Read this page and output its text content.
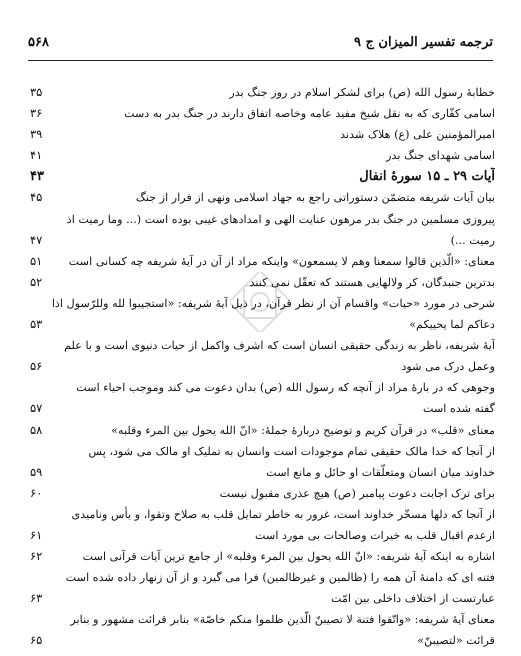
۵۶۸	ترجمه تفسير الميزان ج ۹
خطابهٔ رسول الله (ص) براى لشكر اسلام در روز جنگ بدر
۳۵
اسامى كفّارى كه به نقل شيخ مفيد عامه وخاصه اتفاق دارند در جنگ بدر به دست
۳۶
اميرالمؤمنين على (ع) هلاک شدند
۳۹
اسامى شهداى جنگ بدر
۴۱
آيات ۲۹ ـ ۱۵ سورهٔ انفال
۴۳
بيان آيات شريفه متضمّن دستوراتى راجع به جهاد اسلامى ونهى از فرار از جنگ
۴۵
پيروزى مسلمين در جنگ بدر مرهون عنايت الهى و امدادهاى غيبى بوده است (... وما رميت اذ
رميت ...)
۴۷
معناى: «الّذين قالوا سمعنا وهم لا يسمعون» واينكه مراد از آن در آيهٔ شريفه چه كسانى است
۵۱
بدترين جنبدگان، كر ولالهايى هستند كه تعقّل نمى كنند
۵۲
شرحى در مورد «حيات» واقسام آن از نظر قرآن، در ذيل آيهٔ شريفه: «استجيبوا لله وللرّسول اذا
دعاكم لما يحييكم»
۵۳
آيهٔ شريفه، ناظر به زندگى حقيقى انسان است كه اشرف واكمل از حيات دنيوى است و با علم
وعمل درک مى شود
۵۶
وجوهى كه در بارهٔ مراد از آنچه كه رسول الله (ص) بدان دعوت مى كند وموجب احياء است
گفته شده است
۵۷
معناى «قلب» در قرآن كريم و توضيح دربارهٔ جملهٔ: «انّ الله يحول بين المرء وقلبه»
۵۸
از آنجا كه خدا مالک حقيقى تمام موجودات است وانسان به تمليک او مالک مى شود، پس
خداوند ميان انسان ومتعلّقات او حائل و مانع است
۵۹
براى ترک اجابت دعوت پيامبر (ص) هيچ عذرى مقبول نيست
۶۰
از آنجا كه دلها مسخّر خداوند است، غرور به خاطر تمايل قلب به صلاح وتقوا، و يأس وناميدى
ازعدم اقبال قلب به خيرات وصالحات بى مورد است
۶۱
اشاره به اينكه آيهٔ شريفه: «انّ الله يحول بين المرء وقلبه» از جامع ترين آيات قرآنى است
۶۲
فتنه اى كه دامنهٔ آن همه را (ظالمين و غيرظالمين) فرا مى گيرد و از آن زنهار داده شده است
عبارتست از اختلاف داخلى بين امّت
۶۳
معناى آيهٔ شريفه: «واتّقوا فتنة لا تصيبنّ الّذين ظلموا منكم خاصّة» بنابر قرائت مشهور و بنابر
قرائت «لتصيبنّ»
۶۵
